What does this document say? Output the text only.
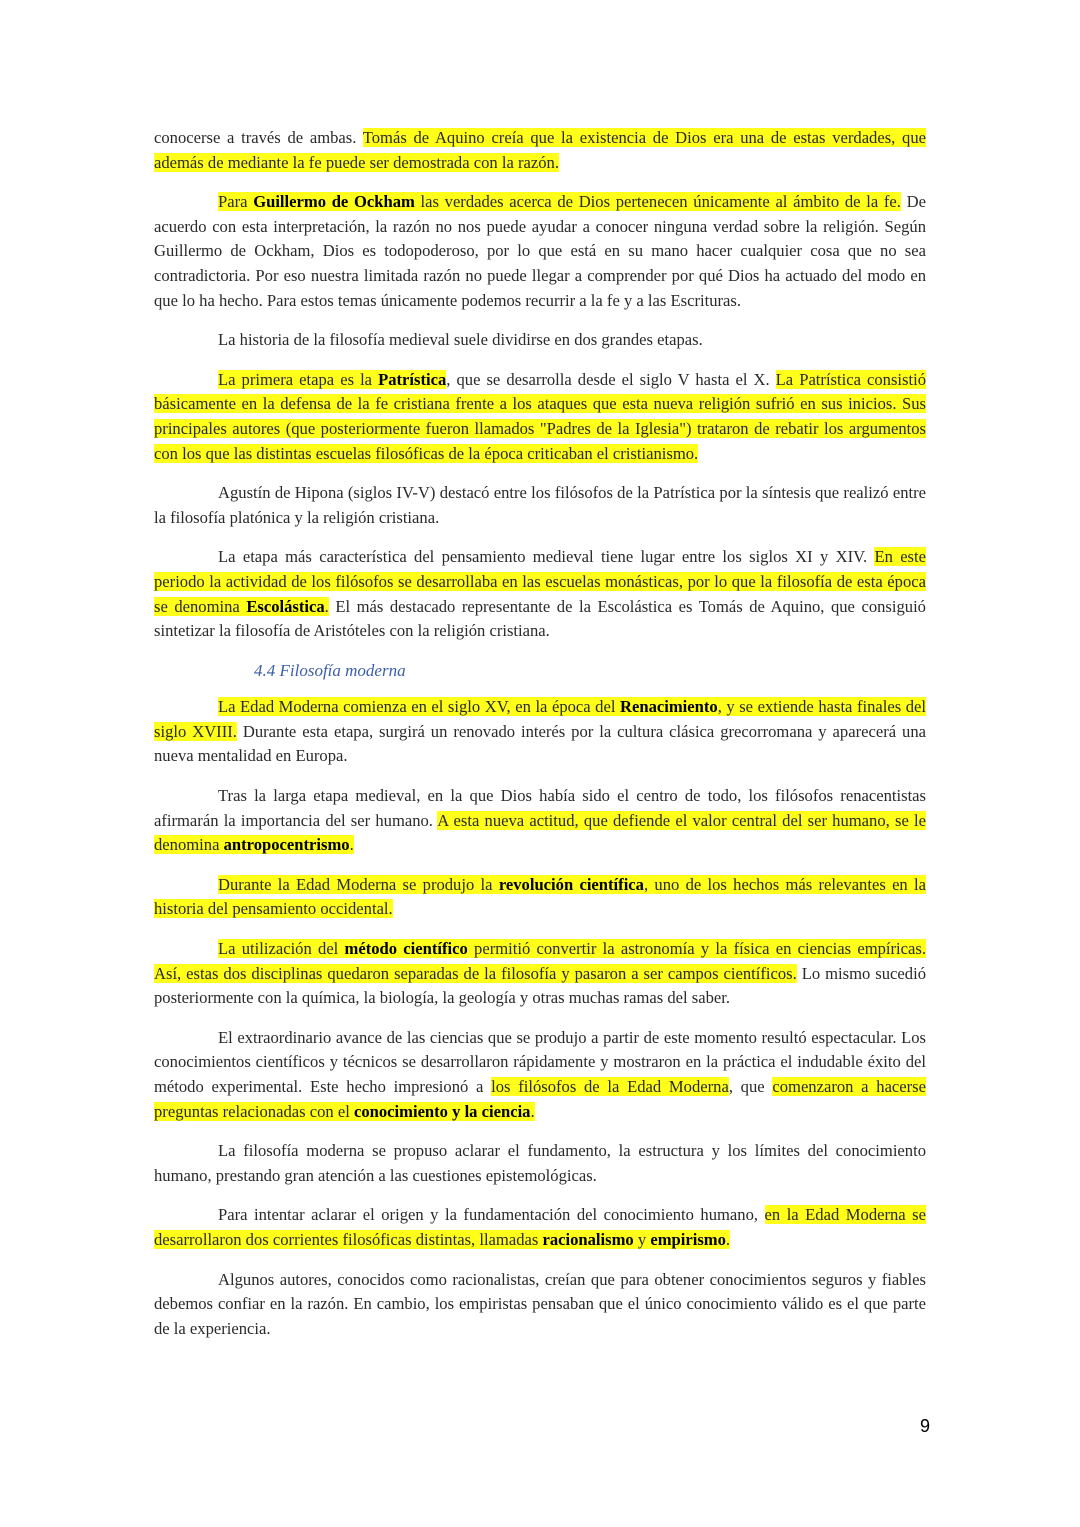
conocerse a través de ambas. Tomás de Aquino creía que la existencia de Dios era una de estas verdades, que además de mediante la fe puede ser demostrada con la razón.

Para Guillermo de Ockham las verdades acerca de Dios pertenecen únicamente al ámbito de la fe. De acuerdo con esta interpretación, la razón no nos puede ayudar a conocer ninguna verdad sobre la religión. Según Guillermo de Ockham, Dios es todopoderoso, por lo que está en su mano hacer cualquier cosa que no sea contradictoria. Por eso nuestra limitada razón no puede llegar a comprender por qué Dios ha actuado del modo en que lo ha hecho. Para estos temas únicamente podemos recurrir a la fe y a las Escrituras.

La historia de la filosofía medieval suele dividirse en dos grandes etapas.

La primera etapa es la Patrística, que se desarrolla desde el siglo V hasta el X. La Patrística consistió básicamente en la defensa de la fe cristiana frente a los ataques que esta nueva religión sufrió en sus inicios. Sus principales autores (que posteriormente fueron llamados "Padres de la Iglesia") trataron de rebatir los argumentos con los que las distintas escuelas filosóficas de la época criticaban el cristianismo.

Agustín de Hipona (siglos IV-V) destacó entre los filósofos de la Patrística por la síntesis que realizó entre la filosofía platónica y la religión cristiana.

La etapa más característica del pensamiento medieval tiene lugar entre los siglos XI y XIV. En este periodo la actividad de los filósofos se desarrollaba en las escuelas monásticas, por lo que la filosofía de esta época se denomina Escolástica. El más destacado representante de la Escolástica es Tomás de Aquino, que consiguió sintetizar la filosofía de Aristóteles con la religión cristiana.

4.4 Filosofía moderna

La Edad Moderna comienza en el siglo XV, en la época del Renacimiento, y se extiende hasta finales del siglo XVIII. Durante esta etapa, surgirá un renovado interés por la cultura clásica grecorromana y aparecerá una nueva mentalidad en Europa.

Tras la larga etapa medieval, en la que Dios había sido el centro de todo, los filósofos renacentistas afirmarán la importancia del ser humano. A esta nueva actitud, que defiende el valor central del ser humano, se le denomina antropocentrismo.

Durante la Edad Moderna se produjo la revolución científica, uno de los hechos más relevantes en la historia del pensamiento occidental.

La utilización del método científico permitió convertir la astronomía y la física en ciencias empíricas. Así, estas dos disciplinas quedaron separadas de la filosofía y pasaron a ser campos científicos. Lo mismo sucedió posteriormente con la química, la biología, la geología y otras muchas ramas del saber.

El extraordinario avance de las ciencias que se produjo a partir de este momento resultó espectacular. Los conocimientos científicos y técnicos se desarrollaron rápidamente y mostraron en la práctica el indudable éxito del método experimental. Este hecho impresionó a los filósofos de la Edad Moderna, que comenzaron a hacerse preguntas relacionadas con el conocimiento y la ciencia.

La filosofía moderna se propuso aclarar el fundamento, la estructura y los límites del conocimiento humano, prestando gran atención a las cuestiones epistemológicas.

Para intentar aclarar el origen y la fundamentación del conocimiento humano, en la Edad Moderna se desarrollaron dos corrientes filosóficas distintas, llamadas racionalismo y empirismo.

Algunos autores, conocidos como racionalistas, creían que para obtener conocimientos seguros y fiables debemos confiar en la razón. En cambio, los empiristas pensaban que el único conocimiento válido es el que parte de la experiencia.

9
